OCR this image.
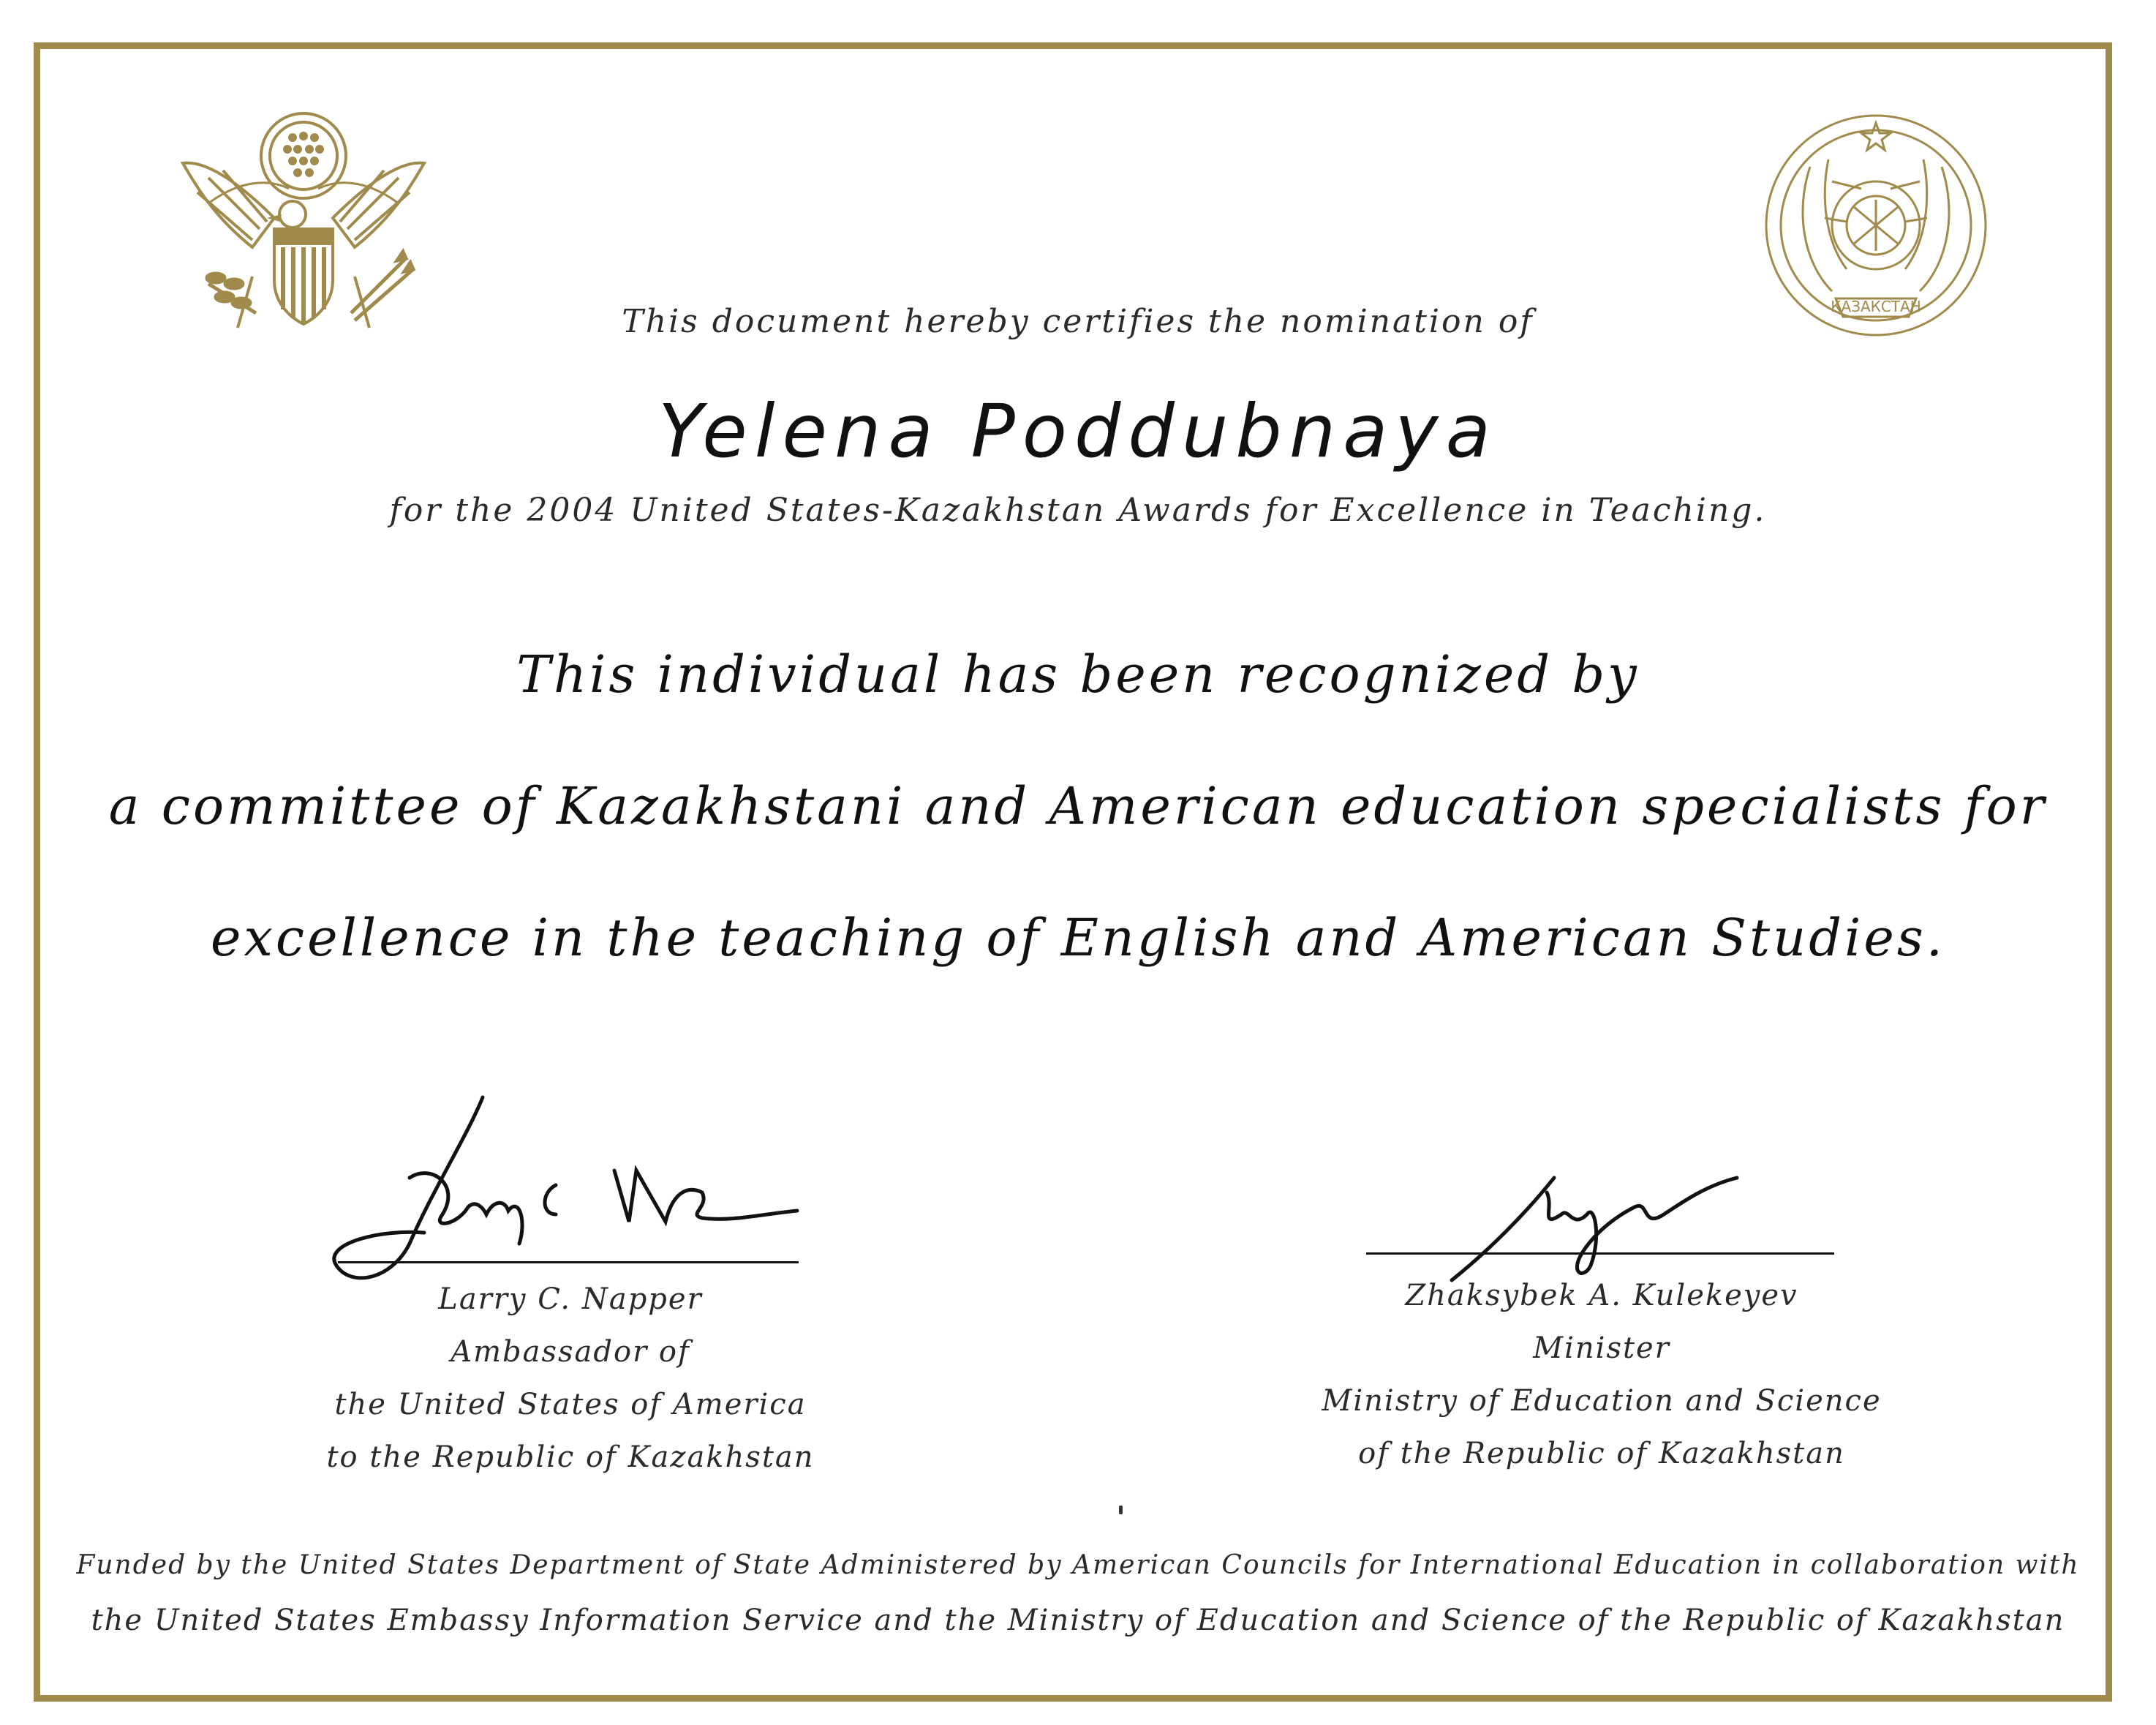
КАЗАКСТАН
This document hereby certifies the nomination of
Yelena Poddubnaya
for the 2004 United States-Kazakhstan Awards for Excellence in Teaching.
This individual has been recognized by
a committee of Kazakhstani and American education specialists for
excellence in the teaching of English and American Studies.
Larry C. Napper
Ambassador of
the United States of America
to the Republic of Kazakhstan
Zhaksybek A. Kulekeyev
Minister
Ministry of Education and Science
of the Republic of Kazakhstan
Funded by the United States Department of State Administered by American Councils for International Education in collaboration with
the United States Embassy Information Service and the Ministry of Education and Science of the Republic of Kazakhstan
